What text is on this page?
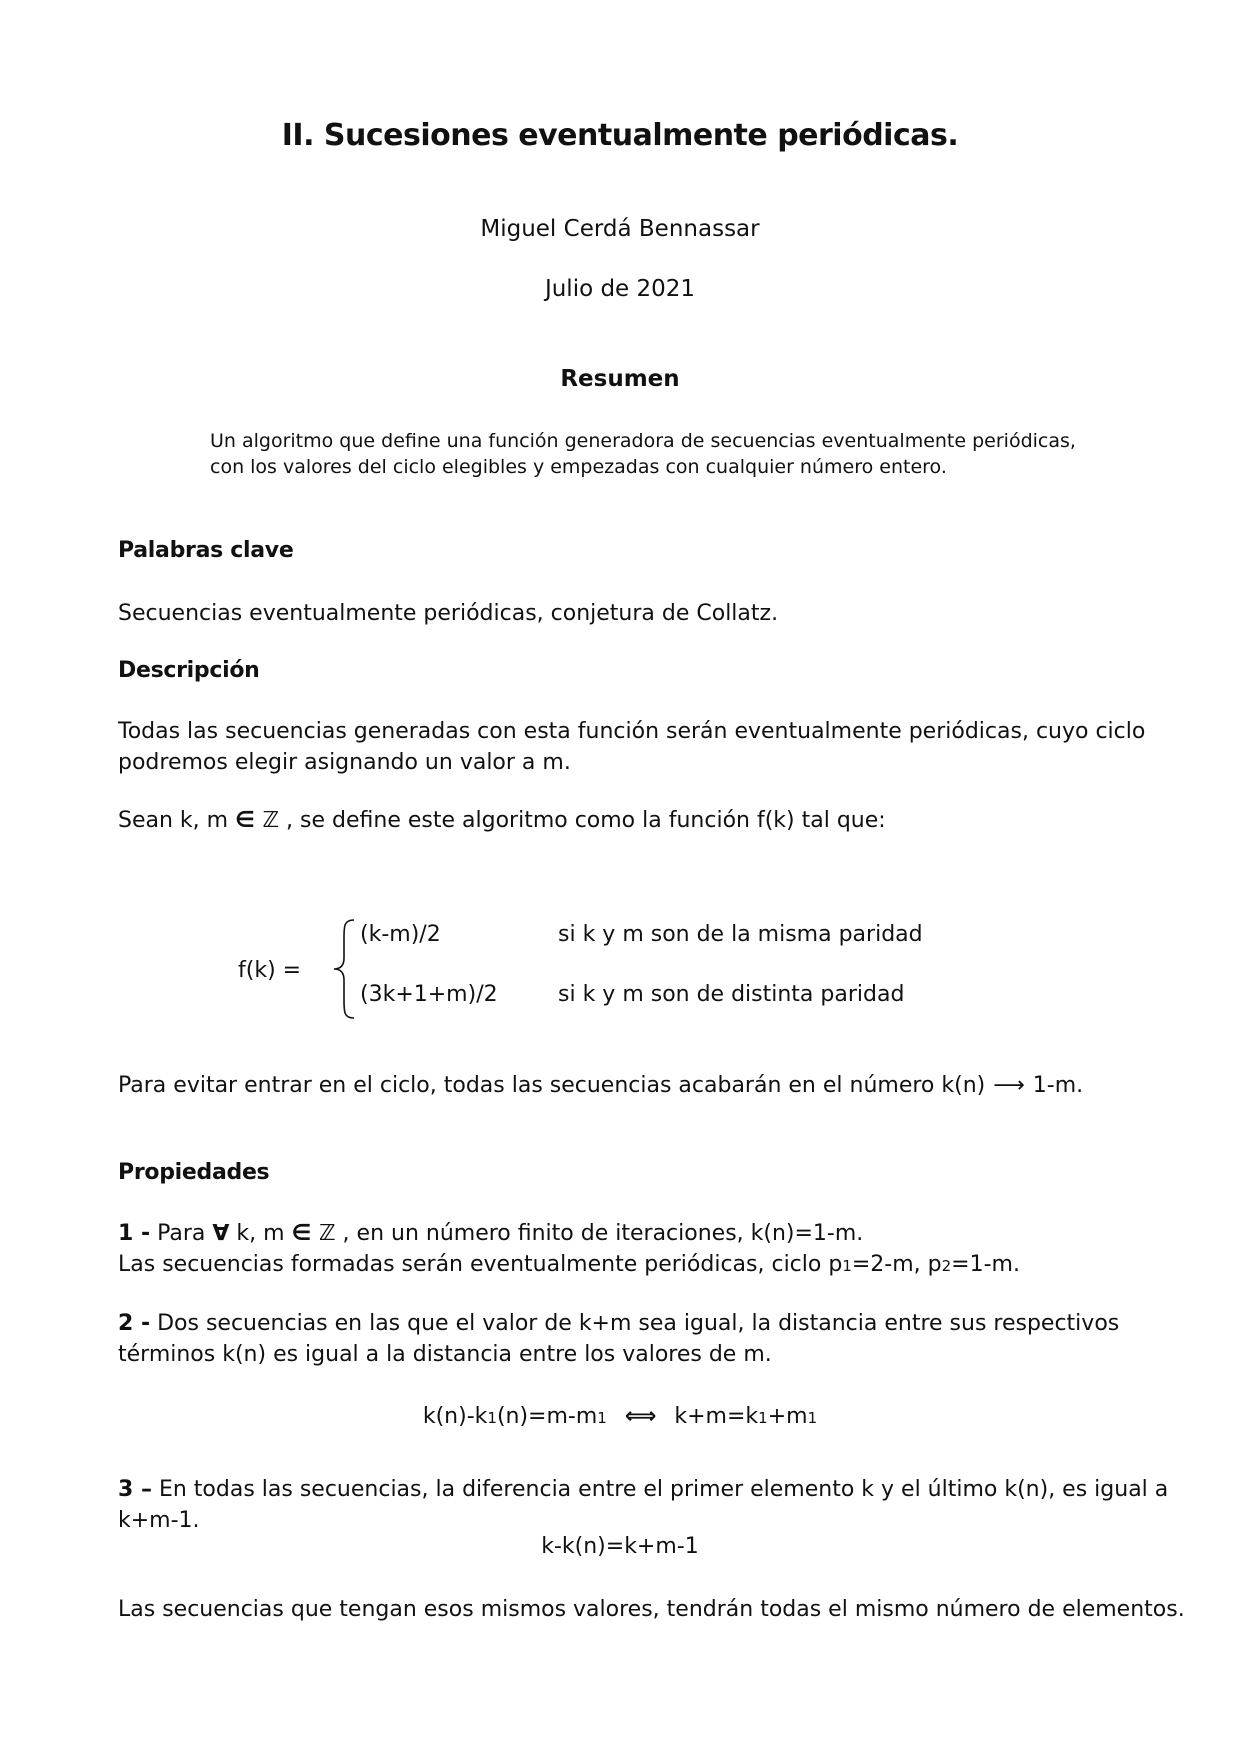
II. Sucesiones eventualmente periódicas.
Miguel Cerdá Bennassar
Julio de 2021
Resumen
Un algoritmo que define una función generadora de secuencias eventualmente periódicas,
con los valores del ciclo elegibles y empezadas con cualquier número entero.
Palabras clave
Secuencias eventualmente periódicas, conjetura de Collatz.
Descripción
Todas las secuencias generadas con esta función serán eventualmente periódicas, cuyo ciclo
podremos elegir asignando un valor a m.
Sean k, m ∈ ℤ , se define este algoritmo como la función f(k) tal que:
f(k) =
(k-m)/2	si k y m son de la misma paridad
(3k+1+m)/2	si k y m son de distinta paridad
Para evitar entrar en el ciclo, todas las secuencias acabarán en el número k(n) ⟶ 1-m.
Propiedades
1 - Para ∀ k, m ∈ ℤ , en un número finito de iteraciones, k(n)=1-m.
Las secuencias formadas serán eventualmente periódicas, ciclo p1=2-m, p2=1-m.
2 - Dos secuencias en las que el valor de k+m sea igual, la distancia entre sus respectivos
términos k(n) es igual a la distancia entre los valores de m.
k(n)-k1(n)=m-m1 ⟺ k+m=k1+m1
3 – En todas las secuencias, la diferencia entre el primer elemento k y el último k(n), es igual a
k+m-1.
k-k(n)=k+m-1
Las secuencias que tengan esos mismos valores, tendrán todas el mismo número de elementos.
